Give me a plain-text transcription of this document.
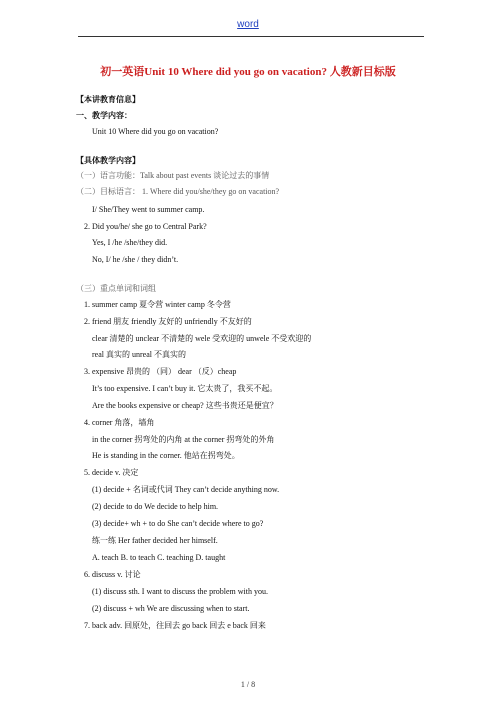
word
初一英语Unit 10 Where did you go on vacation? 人教新目标版
【本讲教育信息】
一、教学内容：
Unit 10 Where did you go on vacation?
【具体教学内容】
（一）语言功能：Talk about past events 谈论过去的事情
（二）目标语言： 1. Where did you/she/they go on vacation?
I/ She/They went to summer camp.
2. Did you/he/ she go to Central Park?
Yes, I /he /she/they did.
No, I/ he /she / they didn’t.
（三）重点单词和词组
1. summer camp 夏令营 winter camp 冬令营
2. friend 朋友 friendly 友好的 unfriendly 不友好的
clear 清楚的 unclear 不清楚的 wele 受欢迎的 unwele 不受欢迎的
real 真实的 unreal 不真实的
3. expensive 昂贵的 （同） dear （反）cheap
It’s too expensive. I can’t buy it. 它太贵了，我买不起。
Are the books expensive or cheap? 这些书贵还是便宜？
4. corner 角落，墙角
in the corner 拐弯处的内角 at the corner 拐弯处的外角
He is standing in the corner. 他站在拐弯处。
5. decide v. 决定
(1) decide + 名词或代词 They can’t decide anything now.
(2) decide to do We decide to help him.
(3) decide+ wh + to do She can’t decide where to go?
练一练 Her father decided her himself.
A. teach B. to teach C. teaching D. taught
6. discuss v. 讨论
(1) discuss sth. I want to discuss the problem with you.
(2) discuss + wh We are discussing when to start.
7. back adv. 回原处，往回去 go back 回去 e back 回来
1 / 8
